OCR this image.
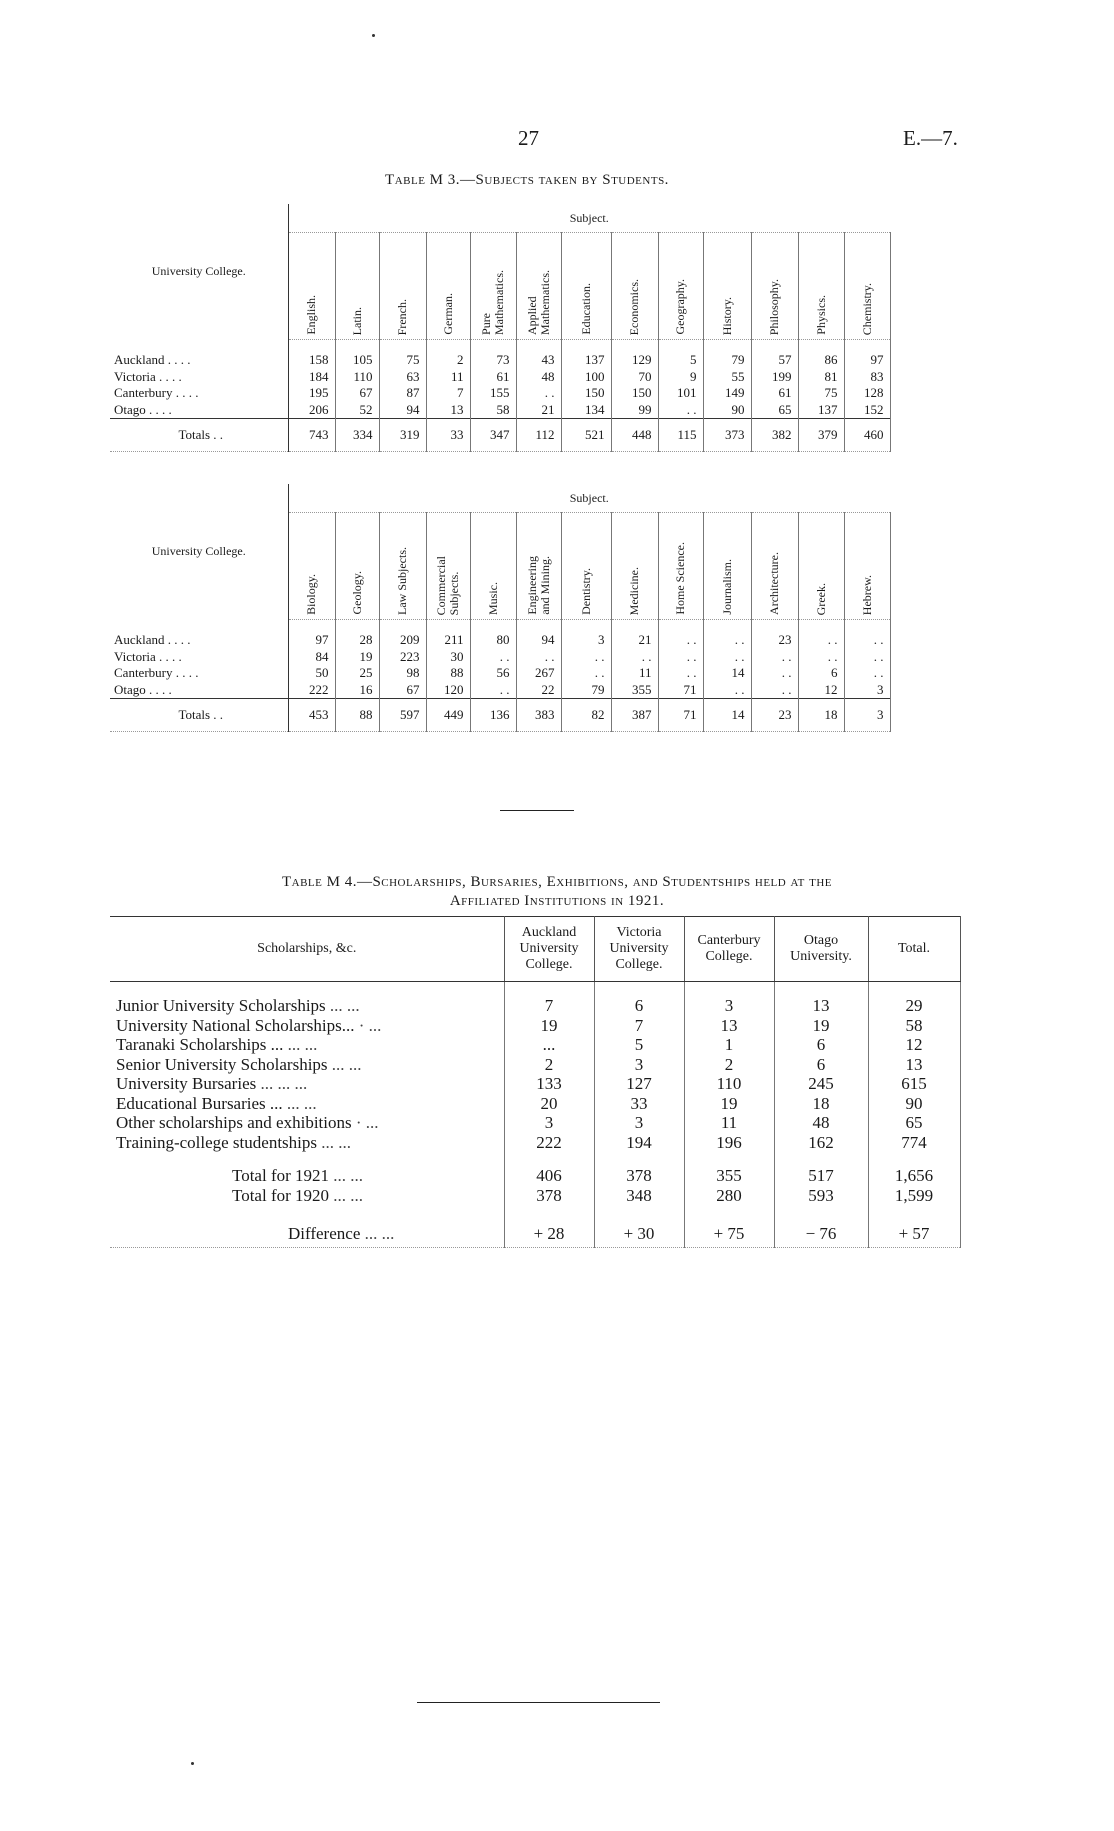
27	E.—7.
Table M 3.—Subjects taken by Students.
University College.	Subject.												
	English.	Latin.	French.	German.	Pure
Mathematics.	Applied
Mathematics.	Education.	Economics.	Geography.	History.	Philosophy.	Physics.	Chemistry.
Auckland . . . .	158	105	75	2	73	43	137	129	5	79	57	86	97
Victoria . . . .	184	110	63	11	61	48	100	70	9	55	199	81	83
Canterbury . . . .	195	67	87	7	155	. .	150	150	101	149	61	75	128
Otago . . . .	206	52	94	13	58	21	134	99	. .	90	65	137	152
Totals . .	743	334	319	33	347	112	521	448	115	373	382	379	460
University College.	Subject.												
	Biology.	Geology.	Law Subjects.	Commercial
Subjects.	Music.	Engineering
and Mining.	Dentistry.	Medicine.	Home Science.	Journalism.	Architecture.	Greek.	Hebrew.
Auckland . . . .	97	28	209	211	80	94	3	21	. .	. .	23	. .	. .
Victoria . . . .	84	19	223	30	. .	. .	. .	. .	. .	. .	. .	. .	. .
Canterbury . . . .	50	25	98	88	56	267	. .	11	. .	14	. .	6	. .
Otago . . . .	222	16	67	120	. .	22	79	355	71	. .	. .	12	3
Totals . .	453	88	597	449	136	383	82	387	71	14	23	18	3
Table M 4.—Scholarships, Bursaries, Exhibitions, and Studentships held at the
Affiliated Institutions in 1921.
Scholarships, &c.	Auckland
University
College.	Victoria
University
College.	Canterbury
College.	Otago
University.	Total.

Junior University Scholarships ... ...	7	6	3	13	29
University National Scholarships... · ...	19	7	13	19	58
Taranaki Scholarships ... ... ...	...	5	1	6	12
Senior University Scholarships ... ...	2	3	2	6	13
University Bursaries ... ... ...	133	127	110	245	615
Educational Bursaries ... ... ...	20	33	19	18	90
Other scholarships and exhibitions · ...	3	3	11	48	65
Training-college studentships ... ...	222	194	196	162	774

Total for 1921 ... ...	406	378	355	517	1,656
Total for 1920 ... ...	378	348	280	593	1,599

Difference ... ...	+ 28	+ 30	+ 75	− 76	+ 57
